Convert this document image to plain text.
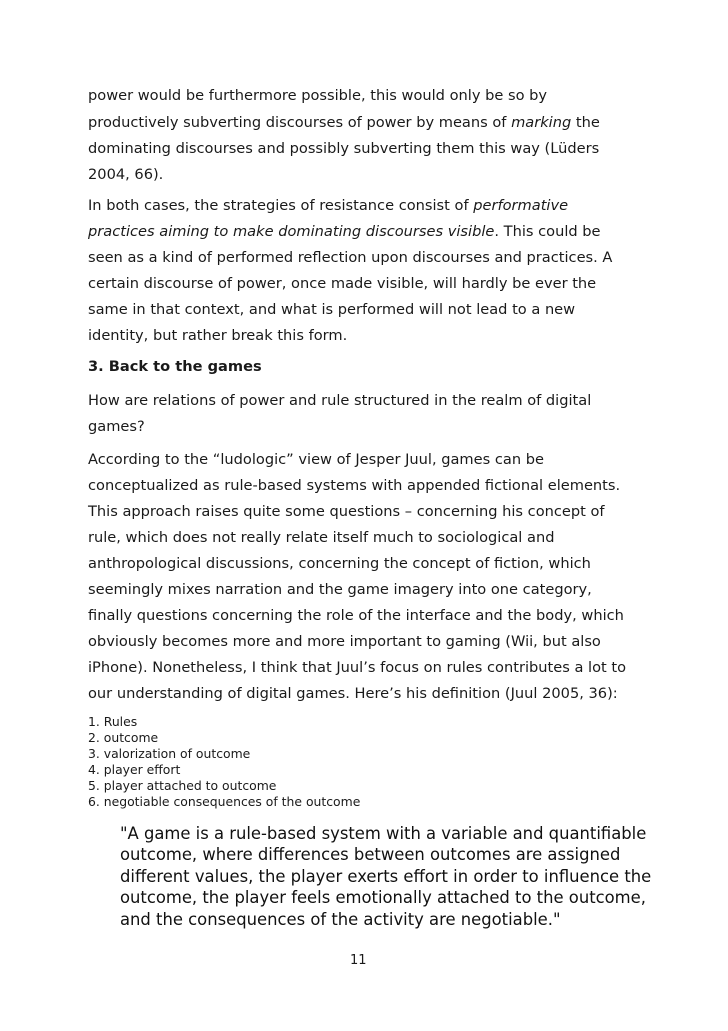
power would be furthermore possible, this would only be so by
productively subverting discourses of power by means of marking the
dominating discourses and possibly subverting them this way (Lüders
2004, 66).
In both cases, the strategies of resistance consist of performative
practices aiming to make dominating discourses visible. This could be
seen as a kind of performed reflection upon discourses and practices. A
certain discourse of power, once made visible, will hardly be ever the
same in that context, and what is performed will not lead to a new
identity, but rather break this form.
3. Back to the games
How are relations of power and rule structured in the realm of digital
games?
According to the “ludologic” view of Jesper Juul, games can be
conceptualized as rule-based systems with appended fictional elements.
This approach raises quite some questions – concerning his concept of
rule, which does not really relate itself much to sociological and
anthropological discussions, concerning the concept of fiction, which
seemingly mixes narration and the game imagery into one category,
finally questions concerning the role of the interface and the body, which
obviously becomes more and more important to gaming (Wii, but also
iPhone). Nonetheless, I think that Juul’s focus on rules contributes a lot to
our understanding of digital games. Here’s his definition (Juul 2005, 36):
1. Rules
2. outcome
3. valorization of outcome
4. player effort
5. player attached to outcome
6. negotiable consequences of the outcome
"A game is a rule-based system with a variable and quantifiable outcome, where differences between outcomes are assigned different values, the player exerts effort in order to influence the outcome, the player feels emotionally attached to the outcome, and the consequences of the activity are negotiable."
11
